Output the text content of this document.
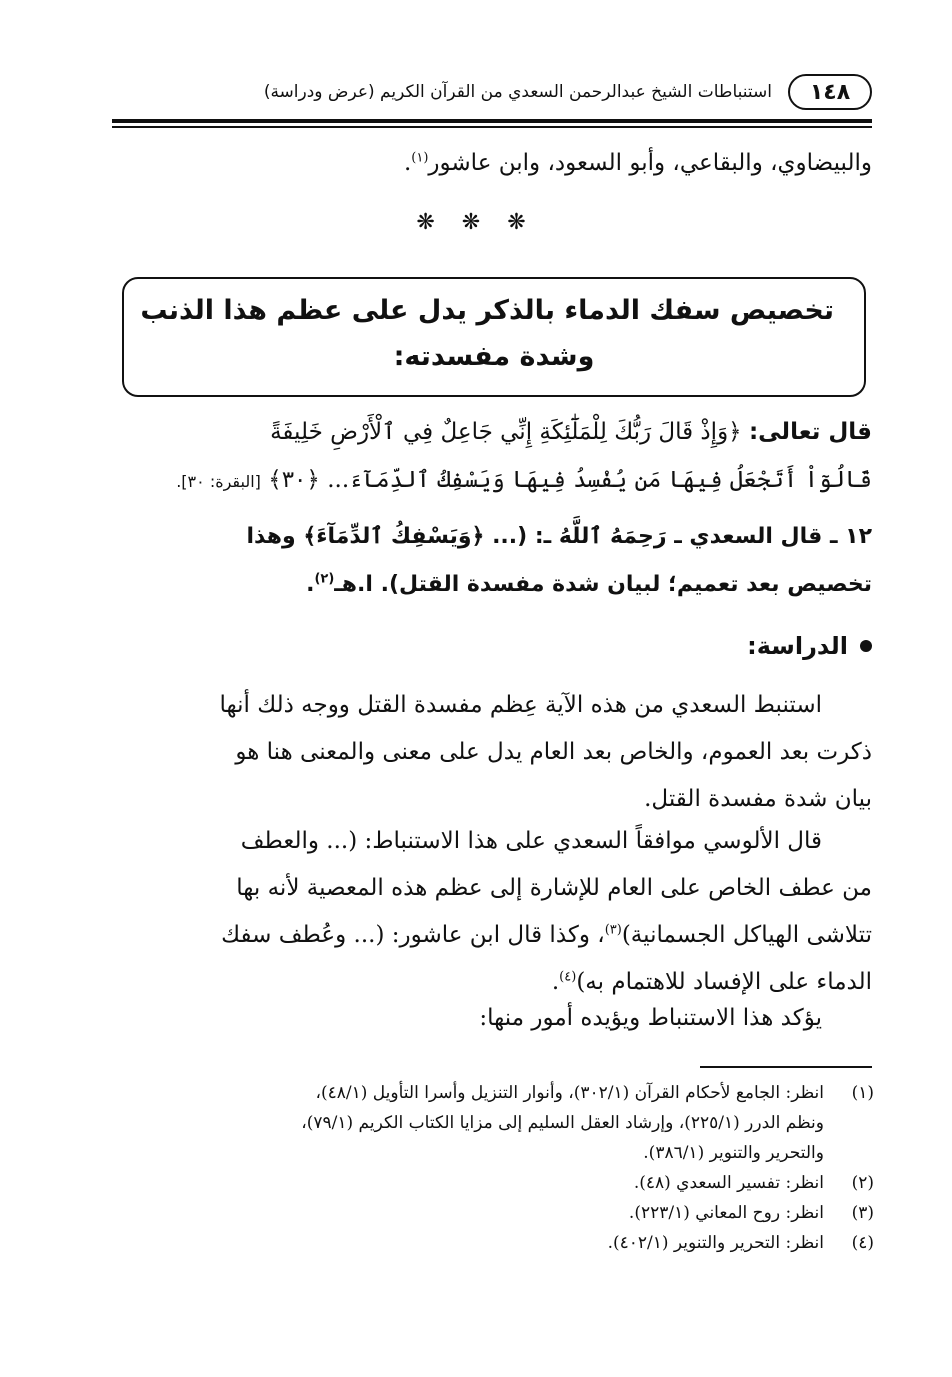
١٤٨
استنباطات الشيخ عبدالرحمن السعدي من القرآن الكريم (عرض ودراسة)
والبيضاوي، والبقاعي، وأبو السعود، وابن عاشور$^{(١)}$.
❋ ❋ ❋
تخصيص سفك الدماء بالذكر يدل على عظم هذا الذنب
وشدة مفسدته:
قال تعالى: ﴿وَإِذْ قَالَ رَبُّكَ لِلْمَلَٰٓئِكَةِ إِنِّي جَاعِلٌ فِي ٱلْأَرْضِ خَلِيفَةً
قَالُوٓاْ أَتَجْعَلُ فِيهَا مَن يُفْسِدُ فِيهَا وَيَسْفِكُ ٱلدِّمَآءَ... ﴿٣٠﴾ [البقرة: ٣٠].
١٢ ـ قال السعدي ـ رَحِمَهُ ٱللَّهُ ـ: (... ﴿وَيَسْفِكُ ٱلدِّمَآءَ﴾ وهذا
تخصيص بعد تعميم؛ لبيان شدة مفسدة القتل). ا.هـ$^{(٢)}$.
الدراسة:
استنبط السعدي من هذه الآية عِظم مفسدة القتل ووجه ذلك أنها
ذكرت بعد العموم، والخاص بعد العام يدل على معنى والمعنى هنا هو
بيان شدة مفسدة القتل.
قال الألوسي موافقاً السعدي على هذا الاستنباط: (... والعطف
من عطف الخاص على العام للإشارة إلى عظم هذه المعصية لأنه بها
تتلاشى الهياكل الجسمانية)$^{(٣)}$، وكذا قال ابن عاشور: (... وعُطف سفك
الدماء على الإفساد للاهتمام به)$^{(٤)}$.
يؤكد هذا الاستنباط ويؤيده أمور منها:
(١)
انظر: الجامع لأحكام القرآن (٣٠٢/١)، وأنوار التنزيل وأسرا التأويل (٤٨/١)،
ونظم الدرر (٢٢٥/١)، وإرشاد العقل السليم إلى مزايا الكتاب الكريم (٧٩/١)،
والتحرير والتنوير (٣٨٦/١).
(٢)
انظر: تفسير السعدي (٤٨).
(٣)
انظر: روح المعاني (٢٢٣/١).
(٤)
انظر: التحرير والتنوير (٤٠٢/١).
